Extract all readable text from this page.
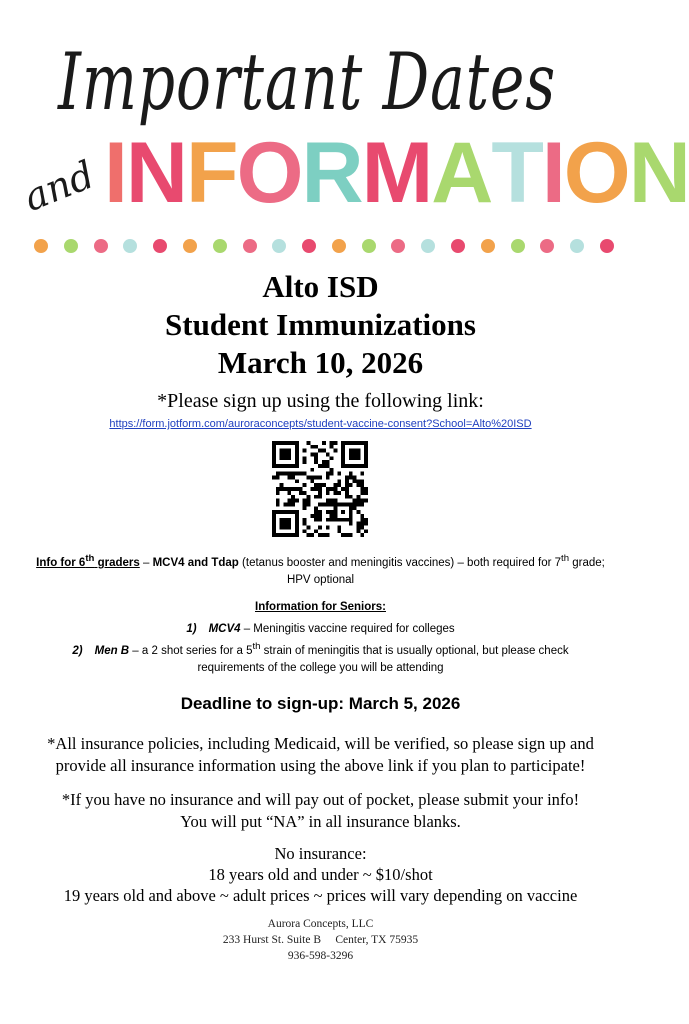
Important Dates
and INFORMATION
Alto ISD
Student Immunizations
March 10, 2026
*Please sign up using the following link:
https://form.jotform.com/auroraconcepts/student-vaccine-consent?School=Alto%20ISD
Info for 6th graders – MCV4 and Tdap (tetanus booster and meningitis vaccines) – both required for 7th grade;
HPV optional
Information for Seniors:
1) MCV4 – Meningitis vaccine required for colleges
2) Men B – a 2 shot series for a 5th strain of meningitis that is usually optional, but please check
requirements of the college you will be attending
Deadline to sign-up: March 5, 2026
*All insurance policies, including Medicaid, will be verified, so please sign up and provide all insurance information using the above link if you plan to participate!
*If you have no insurance and will pay out of pocket, please submit your info!
You will put “NA” in all insurance blanks.
No insurance:
18 years old and under ~ $10/shot
19 years old and above ~ adult prices ~ prices will vary depending on vaccine
Aurora Concepts, LLC
233 Hurst St. Suite B     Center, TX 75935
936-598-3296
